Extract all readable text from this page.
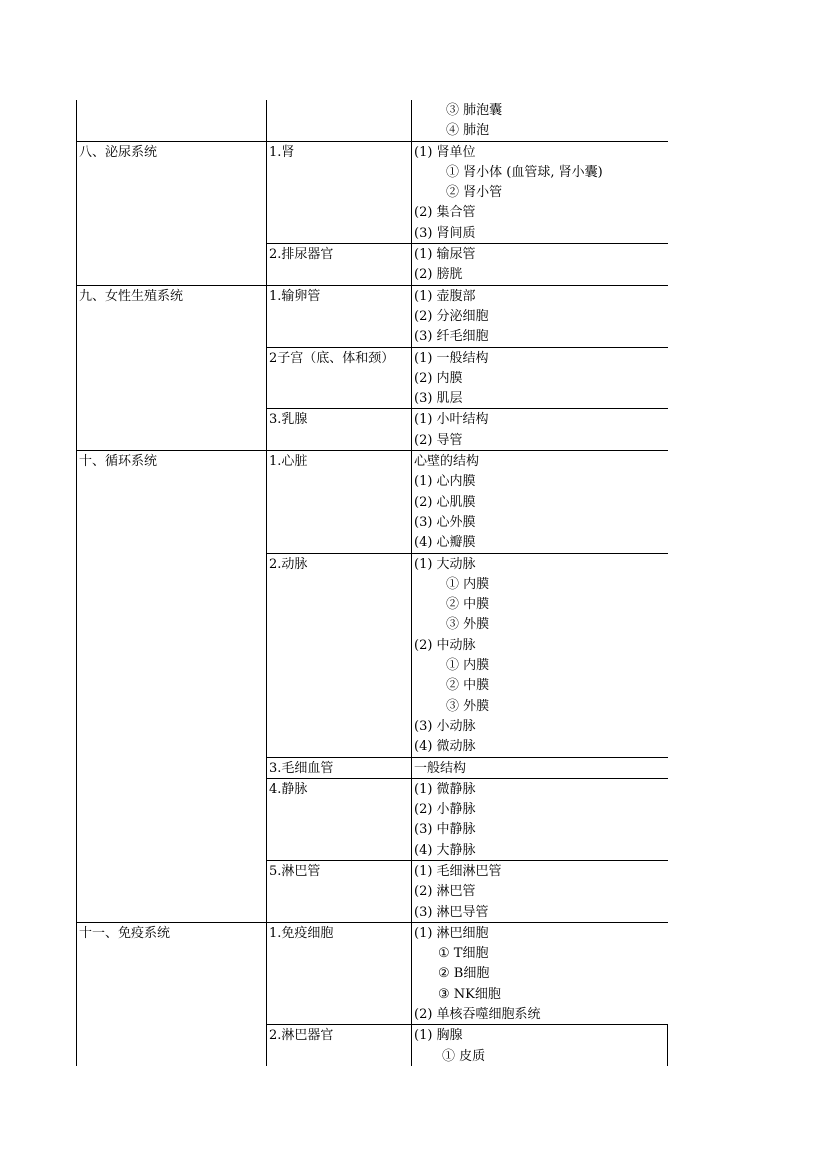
③ 肺泡囊
④ 肺泡
八、泌尿系统	1.肾	(1) 肾单位
① 肾小体 (血管球, 肾小囊)
② 肾小管
(2) 集合管
(3) 肾间质
2.排尿器官	(1) 输尿管
(2) 膀胱
九、女性生殖系统	1.输卵管	(1) 壶腹部
(2) 分泌细胞
(3) 纤毛细胞
2子宫（底、体和颈）	(1) 一般结构
(2) 内膜
(3) 肌层
3.乳腺	(1) 小叶结构
(2) 导管
十、循环系统	1.心脏	心壁的结构
(1) 心内膜
(2) 心肌膜
(3) 心外膜
(4) 心瓣膜
2.动脉	(1) 大动脉
① 内膜
② 中膜
③ 外膜
(2) 中动脉
① 内膜
② 中膜
③ 外膜
(3) 小动脉
(4) 微动脉
3.毛细血管	一般结构
4.静脉	(1) 微静脉
(2) 小静脉
(3) 中静脉
(4) 大静脉
5.淋巴管	(1) 毛细淋巴管
(2) 淋巴管
(3) 淋巴导管
十一、免疫系统	1.免疫细胞	(1) 淋巴细胞
① T细胞
② B细胞
③ NK细胞
(2) 单核吞噬细胞系统
2.淋巴器官	(1) 胸腺
① 皮质
